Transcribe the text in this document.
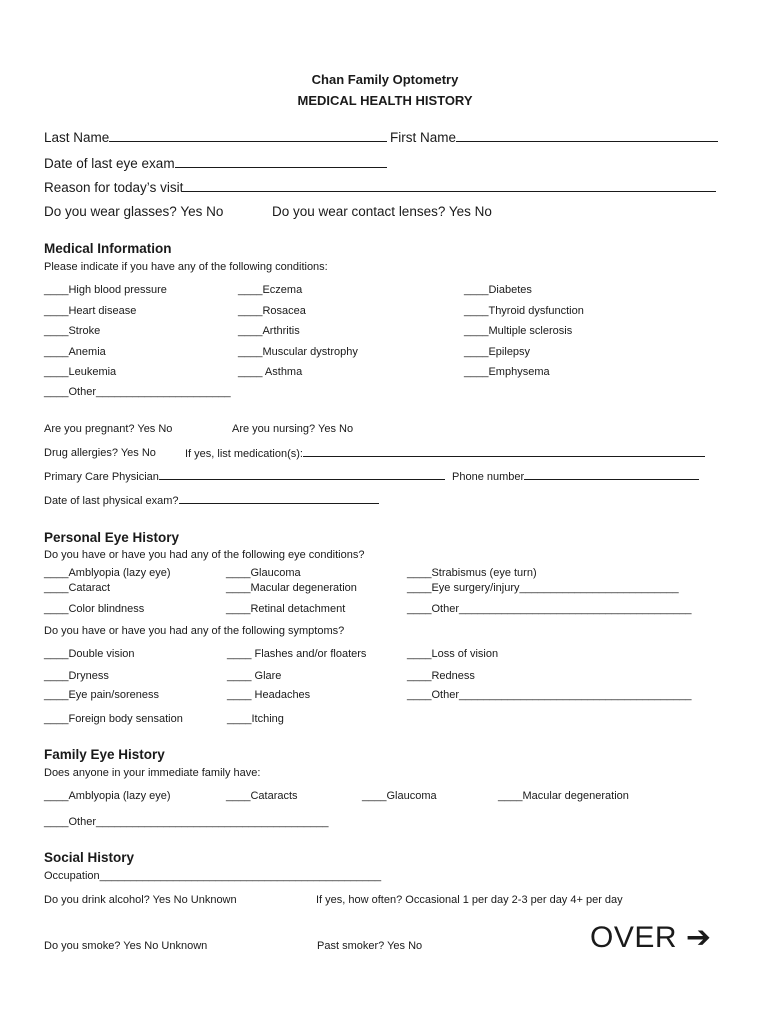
Chan Family Optometry
MEDICAL HEALTH HISTORY
Last Name	First Name
Date of last eye exam
Reason for today’s visit
Do you wear glasses? Yes No	Do you wear contact lenses? Yes No
Medical Information
Please indicate if you have any of the following conditions:
____High blood pressure
____Heart disease
____Stroke
____Anemia
____Leukemia
____Other______________________
____Eczema
____Rosacea
____Arthritis
____Muscular dystrophy
____ Asthma
____Diabetes
____Thyroid dysfunction
____Multiple sclerosis
____Epilepsy
____Emphysema
Are you pregnant? Yes No	Are you nursing? Yes No
Drug allergies? Yes No	If yes, list medication(s):
Primary Care Physician	Phone number
Date of last physical exam?
Personal Eye History
Do you have or have you had any of the following eye conditions?
____Amblyopia (lazy eye)
____Cataract
____Color blindness
____Glaucoma
____Macular degeneration
____Retinal detachment
____Strabismus (eye turn)
____Eye surgery/injury__________________________
____Other______________________________________
Do you have or have you had any of the following symptoms?
____Double vision
____Dryness
____Eye pain/soreness
____Foreign body sensation
____ Flashes and/or floaters
____ Glare
____ Headaches
____Itching
____Loss of vision
____Redness
____Other______________________________________
Family Eye History
Does anyone in your immediate family have:
____Amblyopia (lazy eye)	____Cataracts	____Glaucoma	____Macular degeneration
____Other______________________________________
Social History
Occupation______________________________________________
Do you drink alcohol? Yes No Unknown	If yes, how often? Occasional 1 per day 2-3 per day 4+ per day
Do you smoke? Yes No Unknown	Past smoker? Yes No	OVER ➔
